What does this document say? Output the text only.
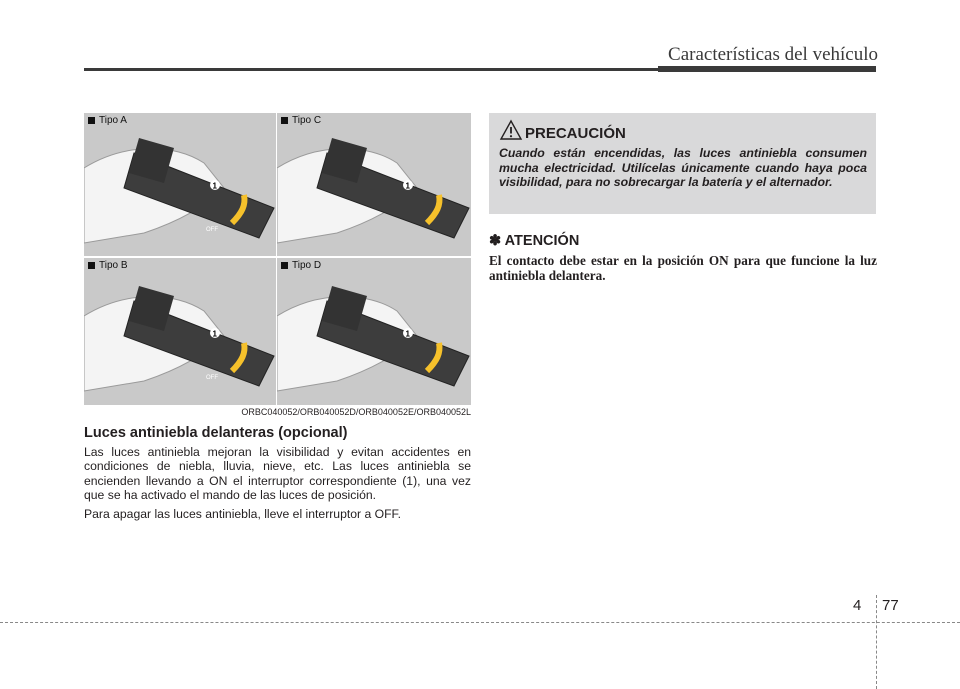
Características del vehículo
1
OFF
Tipo A
1
Tipo C
1
OFF
Tipo B
1
Tipo D
ORBC040052/ORB040052D/ORB040052E/ORB040052L
Luces antiniebla delanteras (opcional)

Las luces antiniebla mejoran la visibilidad y evitan accidentes en condiciones de niebla, lluvia, nieve, etc. Las luces antiniebla se encienden llevando a ON el interruptor correspondiente (1), una vez que se ha activado el mando de las luces de posición.

Para apagar las luces antiniebla, lleve el interruptor a OFF.

PRECAUCIÓN
Cuando están encendidas, las luces antiniebla consumen mucha electricidad. Utilícelas únicamente cuando haya poca visibilidad, para no sobrecargar la batería y el alternador.
✽ ATENCIÓN
El contacto debe estar en la posición ON para que funcione la luz antiniebla delantera.
4 77
